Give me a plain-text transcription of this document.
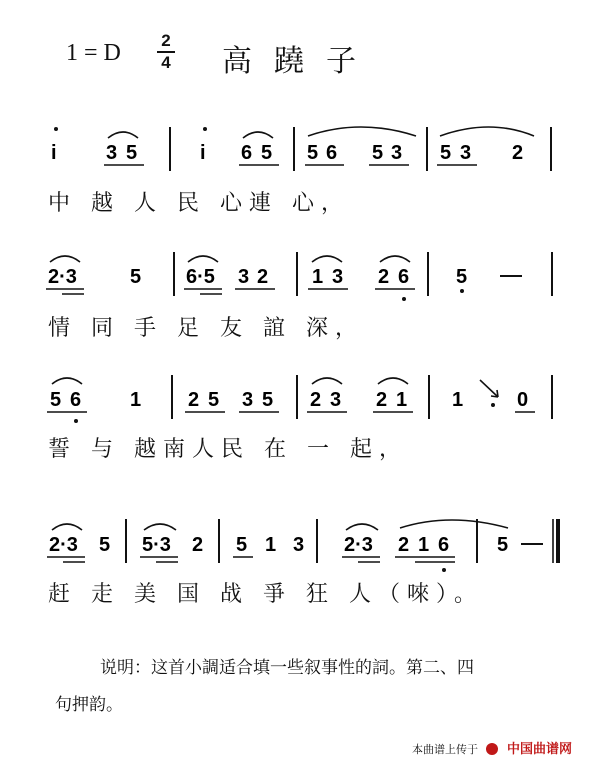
1 = D 2
4 高蹺子
i 3 5	i 6 5 5 6 5 3 5 3 2
2·3	5 6·5 3 2 1 3 2 6 5
5 6 1 2 5 3 5 2 3 2 1 1	0
2·3 5 5·3 2 5 1 3 2·3 2 1 6 5
中 越 人 民 心連 心，
情 同 手 足 友 誼 深，
誓 与 越南人民 在 一 起，
赶 走 美 国 战 爭 狂 人（唻）。
说明：这首小調适合填一些叙事性的詞。第二、四
句押韵。
本曲谱上传于 中国曲谱网
